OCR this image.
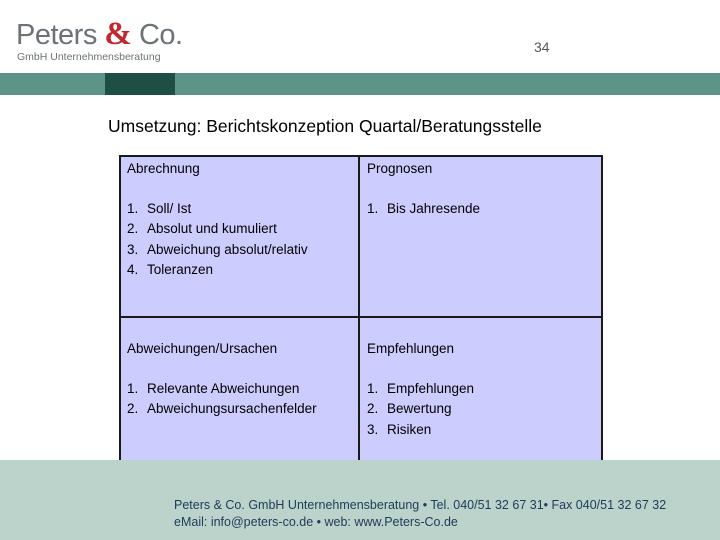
Peters & Co.
GmbH Unternehmensberatung
34
Umsetzung: Berichtskonzeption Quartal/Beratungsstelle
Abrechnung
1. Soll/ Ist
2. Absolut und kumuliert
3. Abweichung absolut/relativ
4. Toleranzen
Prognosen
1. Bis Jahresende
Abweichungen/Ursachen
1. Relevante Abweichungen
2. Abweichungsursachenfelder
Empfehlungen
1. Empfehlungen
2. Bewertung
3. Risiken
Peters & Co. GmbH Unternehmensberatung • Tel. 040/51 32 67 31• Fax 040/51 32 67 32
eMail: info@peters-co.de • web: www.Peters-Co.de
